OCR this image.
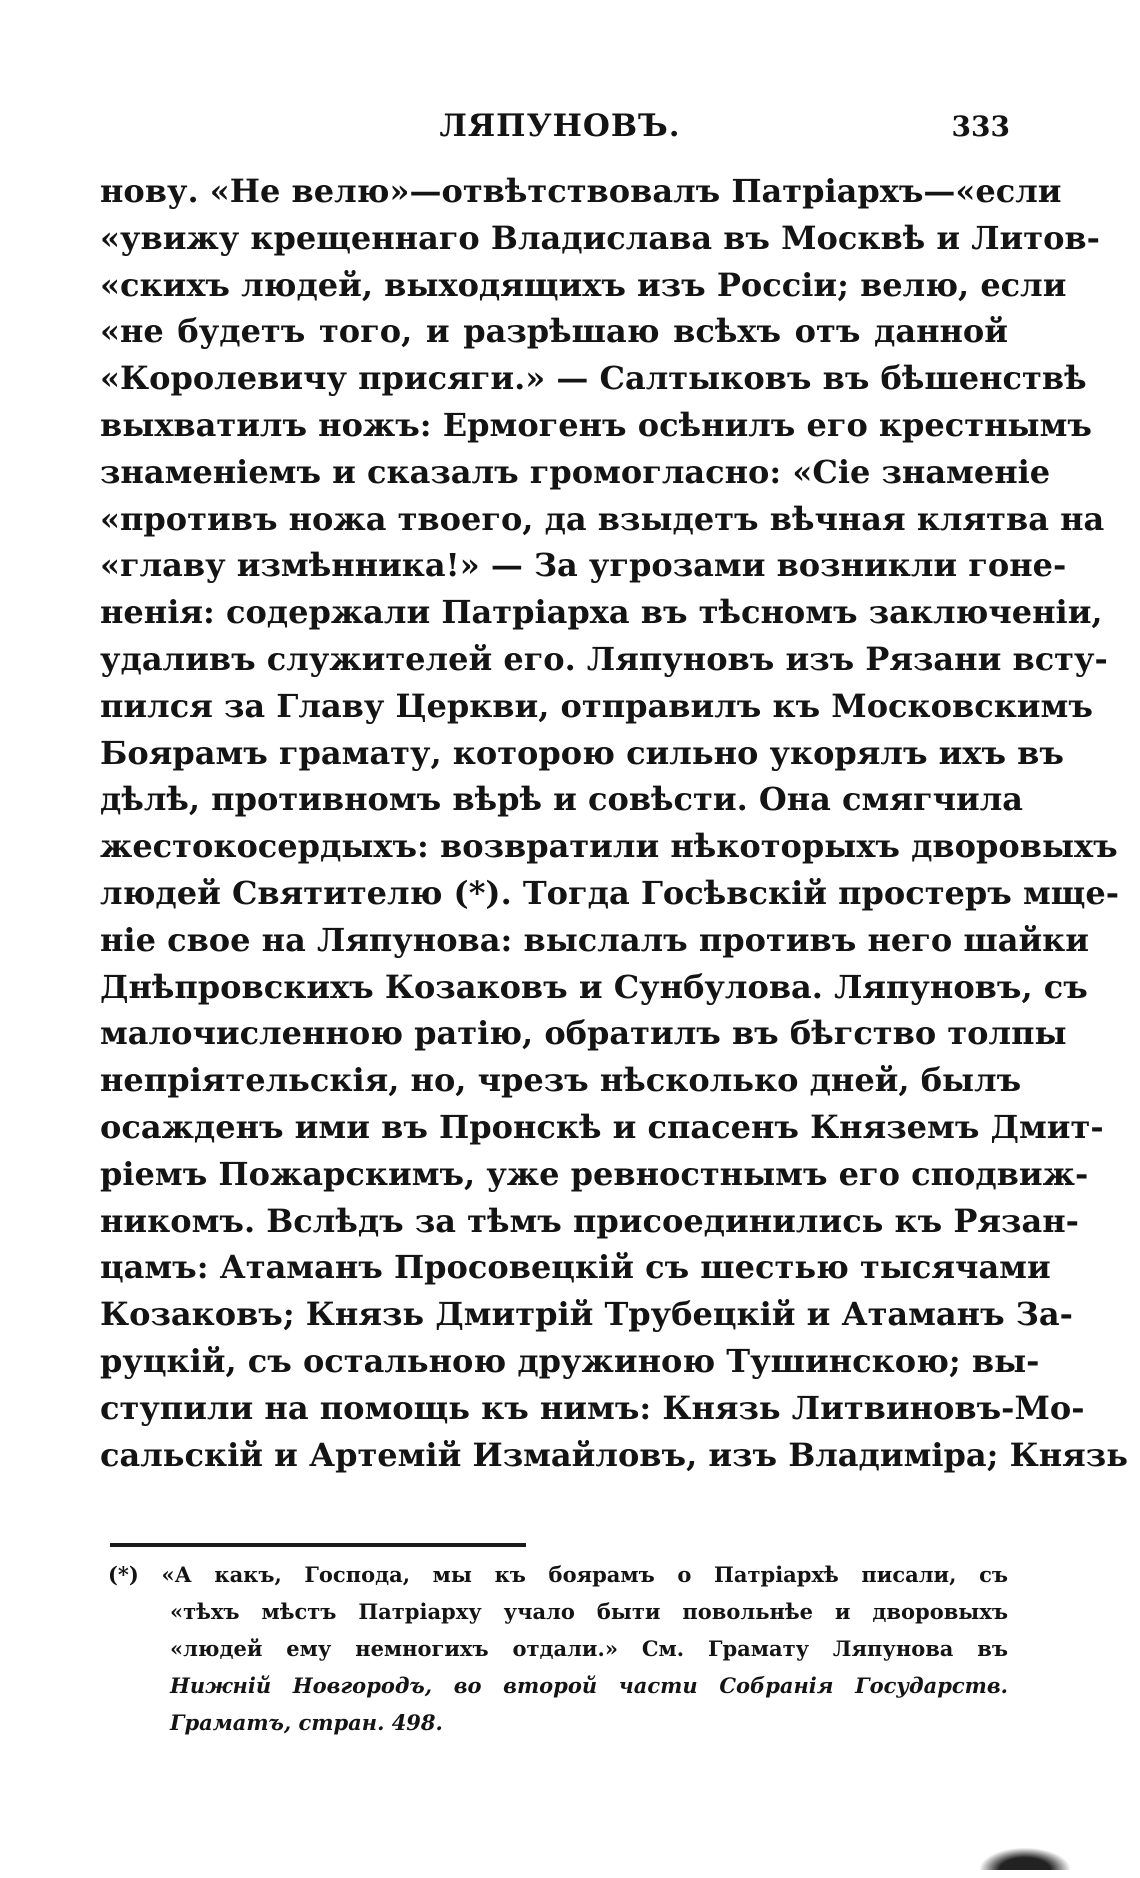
ЛЯПУНОВЪ.	333
нову. «Не велю»—отвѣтствовалъ Патріархъ—«если
«увижу крещеннаго Владислава въ Москвѣ и Литов-
«скихъ людей, выходящихъ изъ Россіи; велю, если
«не будетъ того, и разрѣшаю всѣхъ отъ данной
«Королевичу присяги.» — Салтыковъ въ бѣшенствѣ
выхватилъ ножъ: Ермогенъ осѣнилъ его крестнымъ
знаменіемъ и сказалъ громогласно: «Сіе знаменіе
«противъ ножа твоего, да взыдетъ вѣчная клятва на
«главу измѣнника!» — За угрозами возникли гоне-
ненія: содержали Патріарха въ тѣсномъ заключеніи,
удаливъ служителей его. Ляпуновъ изъ Рязани всту-
пился за Главу Церкви, отправилъ къ Московскимъ
Боярамъ грамату, которою сильно укорялъ ихъ въ
дѣлѣ, противномъ вѣрѣ и совѣсти. Она смягчила
жестокосердыхъ: возвратили нѣкоторыхъ дворовыхъ
людей Святителю (*). Тогда Госѣвскій простеръ мще-
ніе свое на Ляпунова: выслалъ противъ него шайки
Днѣпровскихъ Козаковъ и Сунбулова. Ляпуновъ, съ
малочисленною ратію, обратилъ въ бѣгство толпы
непріятельскія, но, чрезъ нѣсколько дней, былъ
осажденъ ими въ Пронскѣ и спасенъ Княземъ Дмит-
ріемъ Пожарскимъ, уже ревностнымъ его сподвиж-
никомъ. Вслѣдъ за тѣмъ присоединились къ Рязан-
цамъ: Атаманъ Просовецкій съ шестью тысячами
Козаковъ; Князь Дмитрій Трубецкій и Атаманъ За-
руцкій, съ остальною дружиною Тушинскою; вы-
ступили на помощь къ нимъ: Князь Литвиновъ-Мо-
сальскій и Артемій Измайловъ, изъ Владиміра; Князь
(*) «А какъ, Господа, мы къ боярамъ о Патріархѣ писали, съ
«тѣхъ мѣстъ Патріарху учало быти повольнѣе и дворовыхъ
«людей ему немногихъ отдали.» См. Грамату Ляпунова въ
Нижній Новгородъ, во второй части Собранія Государств.
Граматъ, стран. 498.
